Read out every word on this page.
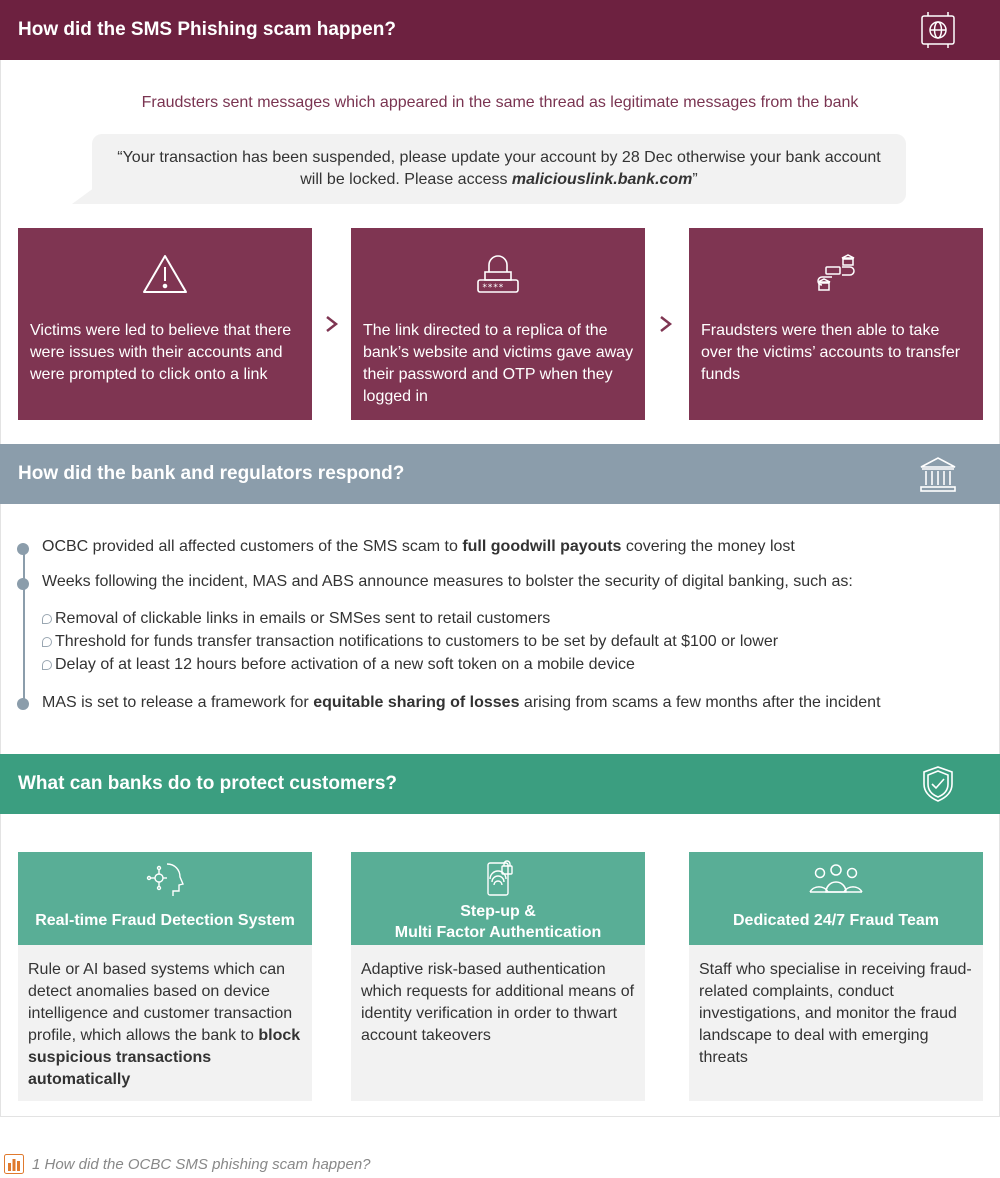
How did the SMS Phishing scam happen?
Fraudsters sent messages which appeared in the same thread as legitimate messages from the bank
“Your transaction has been suspended, please update your account by 28 Dec otherwise your bank account
will be locked. Please access maliciouslink.bank.com”
Victims were led to believe that there were issues with their accounts and were prompted to click onto a link
****_
The link directed to a replica of the bank’s website and victims gave away their password and OTP when they logged in
Fraudsters were then able to take over the victims’ accounts to transfer funds
How did the bank and regulators respond?
OCBC provided all affected customers of the SMS scam to full goodwill payouts covering the money lost
Weeks following the incident, MAS and ABS announce measures to bolster the security of digital banking, such as:
Removal of clickable links in emails or SMSes sent to retail customers
Threshold for funds transfer transaction notifications to customers to be set by default at $100 or lower
Delay of at least 12 hours before activation of a new soft token on a mobile device
MAS is set to release a framework for equitable sharing of losses arising from scams a few months after the incident
What can banks do to protect customers?
Real-time Fraud Detection System
Rule or AI based systems which can detect anomalies based on device intelligence and customer transaction profile, which allows the bank to block suspicious transactions automatically
Step-up &
Multi Factor Authentication
Adaptive risk-based authentication which requests for additional means of identity verification in order to thwart account takeovers
Dedicated 24/7 Fraud Team
Staff who specialise in receiving fraud-related complaints, conduct investigations, and monitor the fraud landscape to deal with emerging threats
1 How did the OCBC SMS phishing scam happen?
